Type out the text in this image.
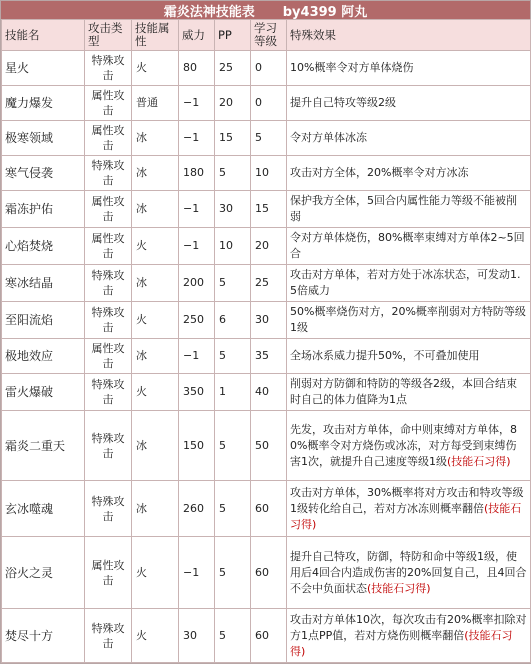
霜炎法神技能表 by4399 阿丸
技能名	攻击类型	技能属性	威力	PP	学习等级	特殊效果
星火	特殊攻击	火	80	25	0	10%概率令对方单体烧伤
魔力爆发	属性攻击	普通	−1	20	0	提升自己特攻等级2级
极寒领域	属性攻击	冰	−1	15	5	令对方单体冰冻
寒气侵袭	特殊攻击	冰	180	5	10	攻击对方全体，20%概率令对方冰冻
霜冻护佑	属性攻击	冰	−1	30	15	保护我方全体，5回合内属性能力等级不能被削弱
心焰焚烧	属性攻击	火	−1	10	20	令对方单体烧伤，80%概率束缚对方单体2~5回合
寒冰结晶	特殊攻击	冰	200	5	25	攻击对方单体，若对方处于冰冻状态，可发动1.5倍威力
至阳流焰	特殊攻击	火	250	6	30	50%概率烧伤对方，20%概率削弱对方特防等级1级
极地效应	属性攻击	冰	−1	5	35	全场冰系威力提升50%，不可叠加使用
雷火爆破	特殊攻击	火	350	1	40	削弱对方防御和特防的等级各2级，本回合结束时自己的体力值降为1点
霜炎二重天	特殊攻击	冰	150	5	50	先发，攻击对方单体，命中则束缚对方单体，80%概率令对方烧伤或冰冻，对方每受到束缚伤害1次，就提升自己速度等级1级(技能石习得)
玄冰噬魂	特殊攻击	冰	260	5	60	攻击对方单体，30%概率将对方攻击和特攻等级1级转化给自己，若对方冰冻则概率翻倍(技能石习得)
浴火之灵	属性攻击	火	−1	5	60	提升自己特攻，防御，特防和命中等级1级，使用后4回合内造成伤害的20%回复自己，且4回合不会中负面状态(技能石习得)
焚尽十方	特殊攻击	火	30	5	60	攻击对方单体10次，每次攻击有20%概率扣除对方1点PP值，若对方烧伤则概率翻倍(技能石习得)
